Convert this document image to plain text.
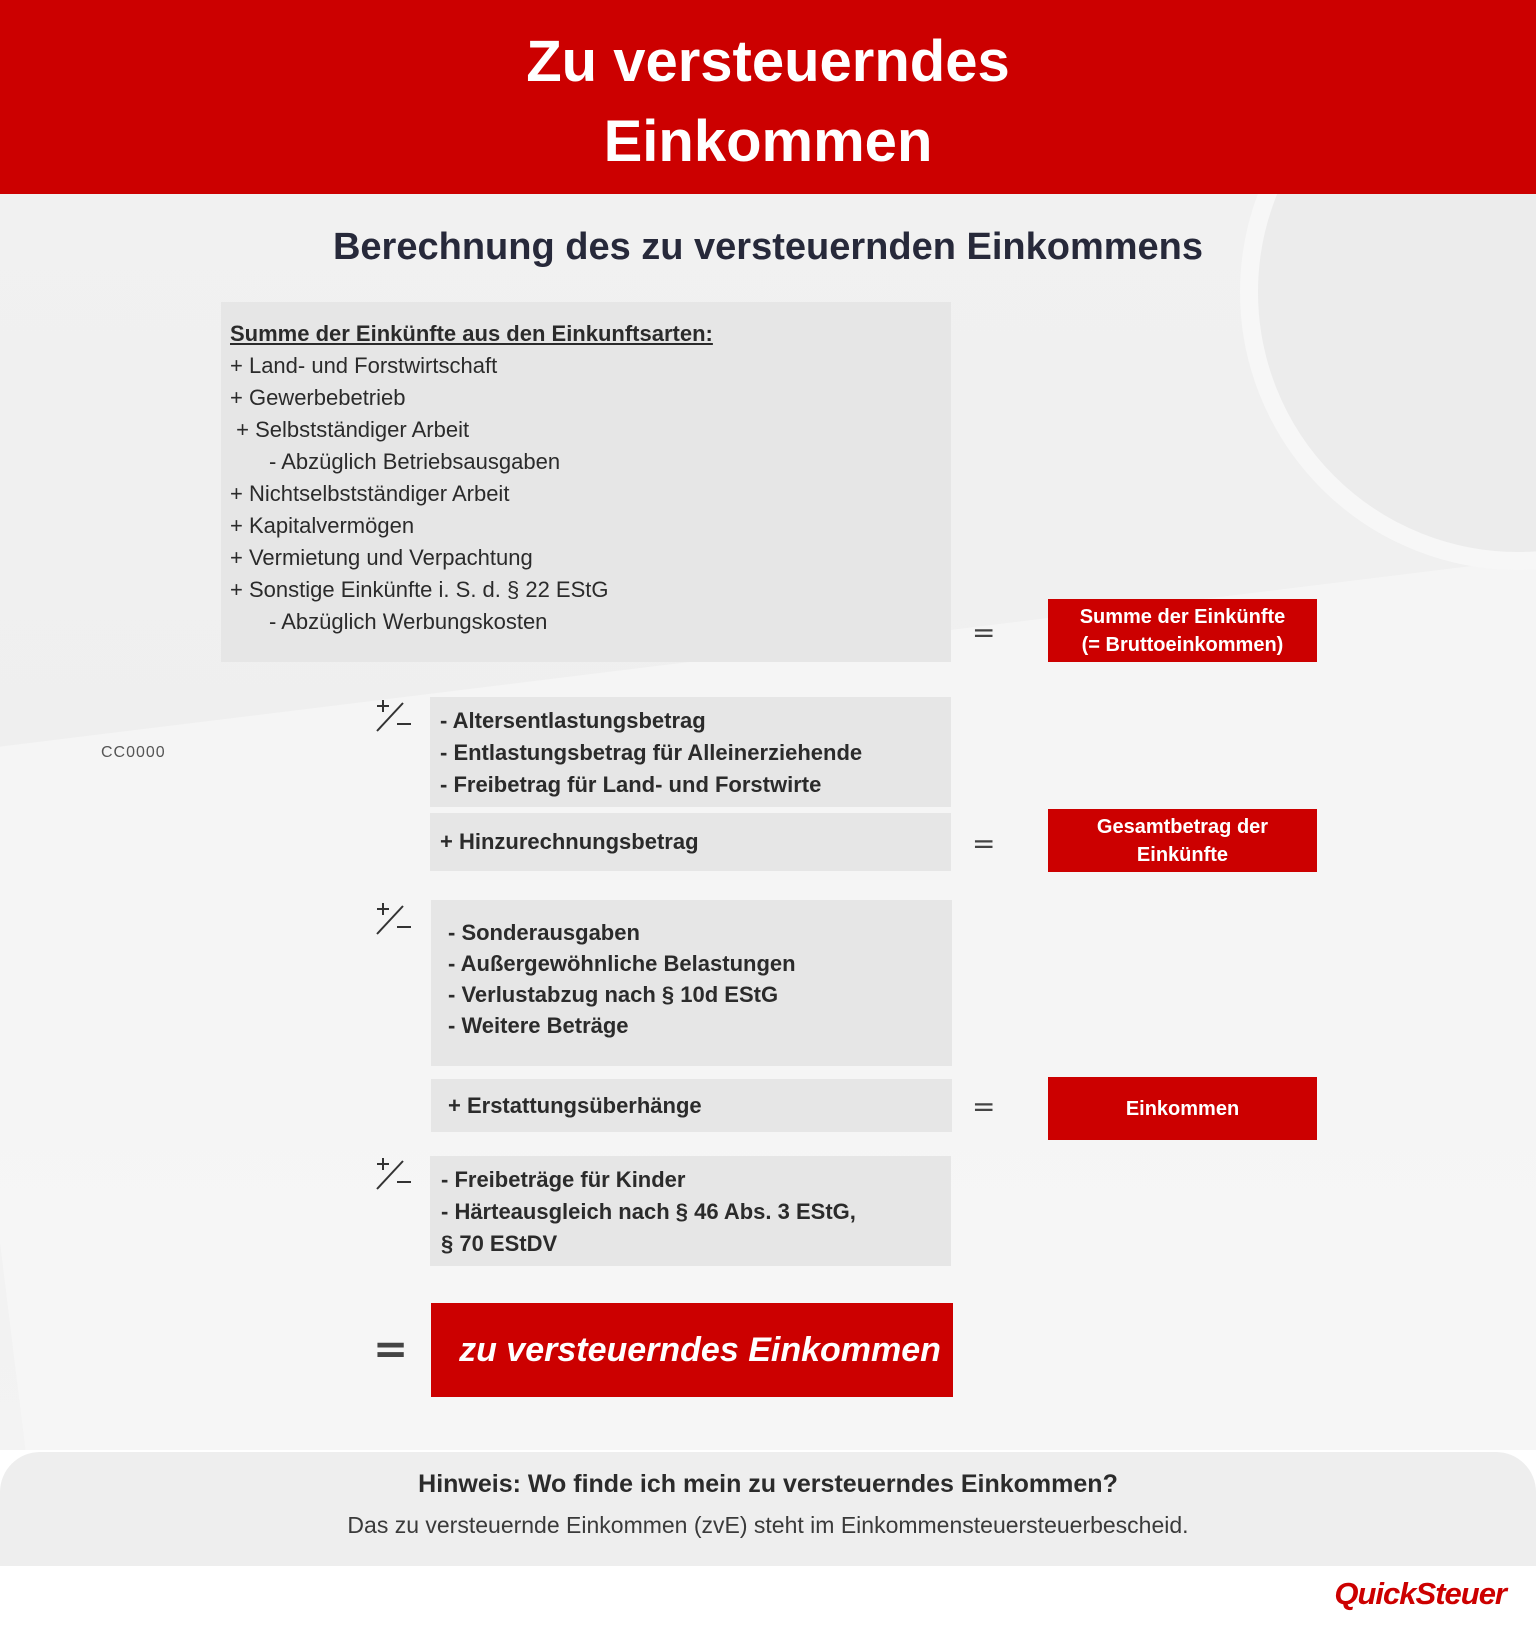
Zu versteuerndes
Einkommen
Berechnung des zu versteuernden Einkommens
CC0000
Summe der Einkünfte aus den Einkunftsarten:
+ Land- und Forstwirtschaft
+ Gewerbebetrieb
+ Selbstständiger Arbeit
- Abzüglich Betriebsausgaben
+ Nichtselbstständiger Arbeit
+ Kapitalvermögen
+ Vermietung und Verpachtung
+ Sonstige Einkünfte i. S. d. § 22 EStG
- Abzüglich Werbungskosten	=	Summe der Einkünfte
(= Bruttoeinkommen)
- Altersentlastungsbetrag
- Entlastungsbetrag für Alleinerziehende
- Freibetrag für Land- und Forstwirte
+ Hinzurechnungsbetrag	=
Gesamtbetrag der
Einkünfte
- Sonderausgaben
- Außergewöhnliche Belastungen
- Verlustabzug nach § 10d EStG
- Weitere Beträge
+ Erstattungsüberhänge	=	Einkommen
- Freibeträge für Kinder
- Härteausgleich nach § 46 Abs. 3 EStG,
§ 70 EStDV
=	zu versteuerndes Einkommen
Hinweis: Wo finde ich mein zu versteuerndes Einkommen?
Das zu versteuernde Einkommen (zvE) steht im Einkommensteuersteuerbescheid.
QuickSteuer
